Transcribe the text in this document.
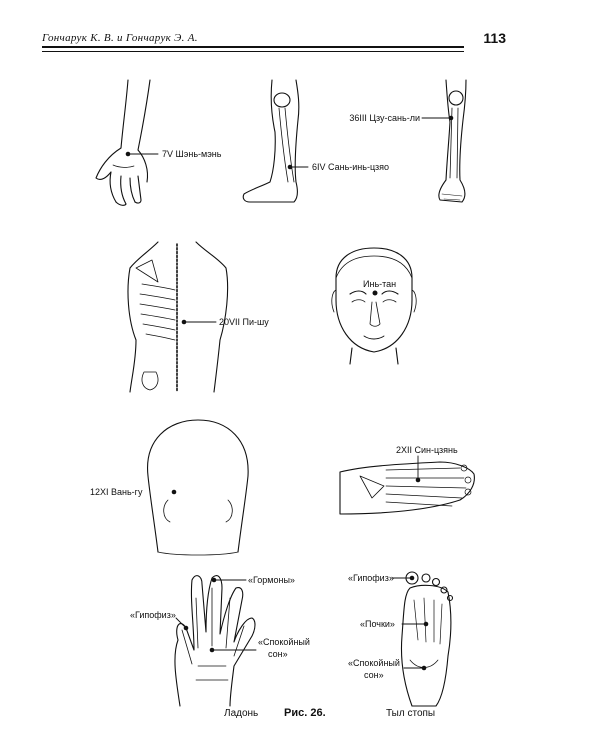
Гончарук К. В. и Гончарук Э. А.	113
7V Шэнь-мэнь
6IV Сань-инь-цзяо
36III Цзу-сань-ли
20VII Пи-шу
Инь-тан
12XI Вань-гу
2XII Син-цзянь
«Гормоны»
«Гипофиз»
«Спокойный
сон»
Ладонь
«Гипофиз»
«Почки»
«Спокойный
сон»
Тыл стопы
Рис. 26.
